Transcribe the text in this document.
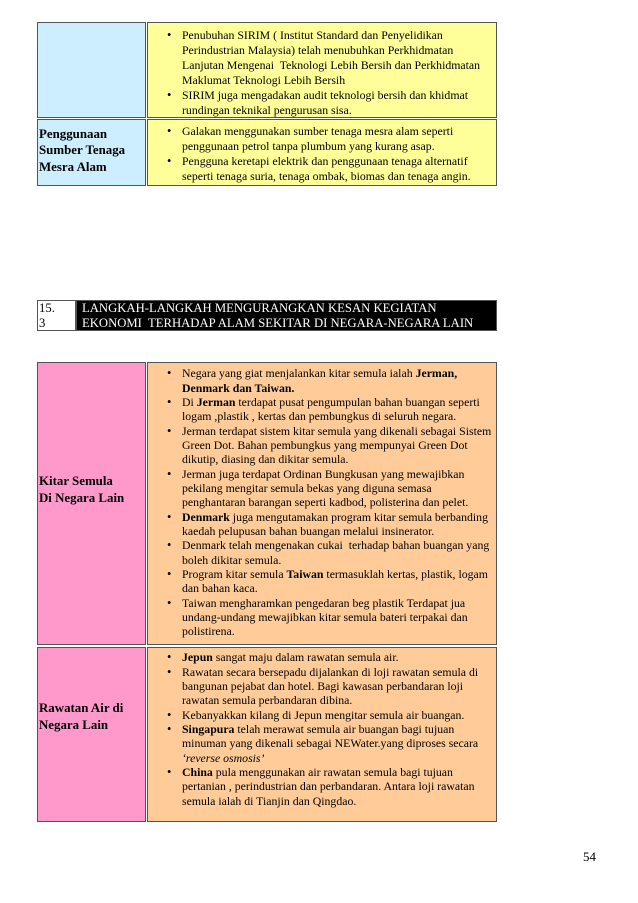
•
Penubuhan SIRIM ( Institut Standard dan Penyelidikan
Perindustrian Malaysia) telah menubuhkan Perkhidmatan
Lanjutan Mengenai  Teknologi Lebih Bersih dan Perkhidmatan
Maklumat Teknologi Lebih Bersih
•
SIRIM juga mengadakan audit teknologi bersih dan khidmat
rundingan teknikal pengurusan sisa.
Penggunaan
Sumber Tenaga
Mesra Alam
•
Galakan menggunakan sumber tenaga mesra alam seperti
penggunaan petrol tanpa plumbum yang kurang asap.
•
Pengguna keretapi elektrik dan penggunaan tenaga alternatif
seperti tenaga suria, tenaga ombak, biomas dan tenaga angin.
15.
3
LANGKAH-LANGKAH MENGURANGKAN KESAN KEGIATAN
EKONOMI  TERHADAP ALAM SEKITAR DI NEGARA-NEGARA LAIN
Kitar Semula
Di Negara Lain
•
Negara yang giat menjalankan kitar semula ialah Jerman,
Denmark dan Taiwan.
•
Di Jerman terdapat pusat pengumpulan bahan buangan seperti
logam ,plastik , kertas dan pembungkus di seluruh negara.
•
Jerman terdapat sistem kitar semula yang dikenali sebagai Sistem
Green Dot. Bahan pembungkus yang mempunyai Green Dot
dikutip, diasing dan dikitar semula.
•
Jerman juga terdapat Ordinan Bungkusan yang mewajibkan
pekilang mengitar semula bekas yang diguna semasa
penghantaran barangan seperti kadbod, polisterina dan pelet.
•
Denmark juga mengutamakan program kitar semula berbanding
kaedah pelupusan bahan buangan melalui insinerator.
•
Denmark telah mengenakan cukai  terhadap bahan buangan yang
boleh dikitar semula.
•
Program kitar semula Taiwan termasuklah kertas, plastik, logam
dan bahan kaca.
•
Taiwan mengharamkan pengedaran beg plastik Terdapat jua
undang-undang mewajibkan kitar semula bateri terpakai dan
polistirena.
Rawatan Air di
Negara Lain
•
Jepun sangat maju dalam rawatan semula air.
•
Rawatan secara bersepadu dijalankan di loji rawatan semula di
bangunan pejabat dan hotel. Bagi kawasan perbandaran loji
rawatan semula perbandaran dibina.
•
Kebanyakkan kilang di Jepun mengitar semula air buangan.
•
Singapura telah merawat semula air buangan bagi tujuan
minuman yang dikenali sebagai NEWater.yang diproses secara
‘reverse osmosis’
•
China pula menggunakan air rawatan semula bagi tujuan
pertanian , perindustrian dan perbandaran. Antara loji rawatan
semula ialah di Tianjin dan Qingdao.
54
